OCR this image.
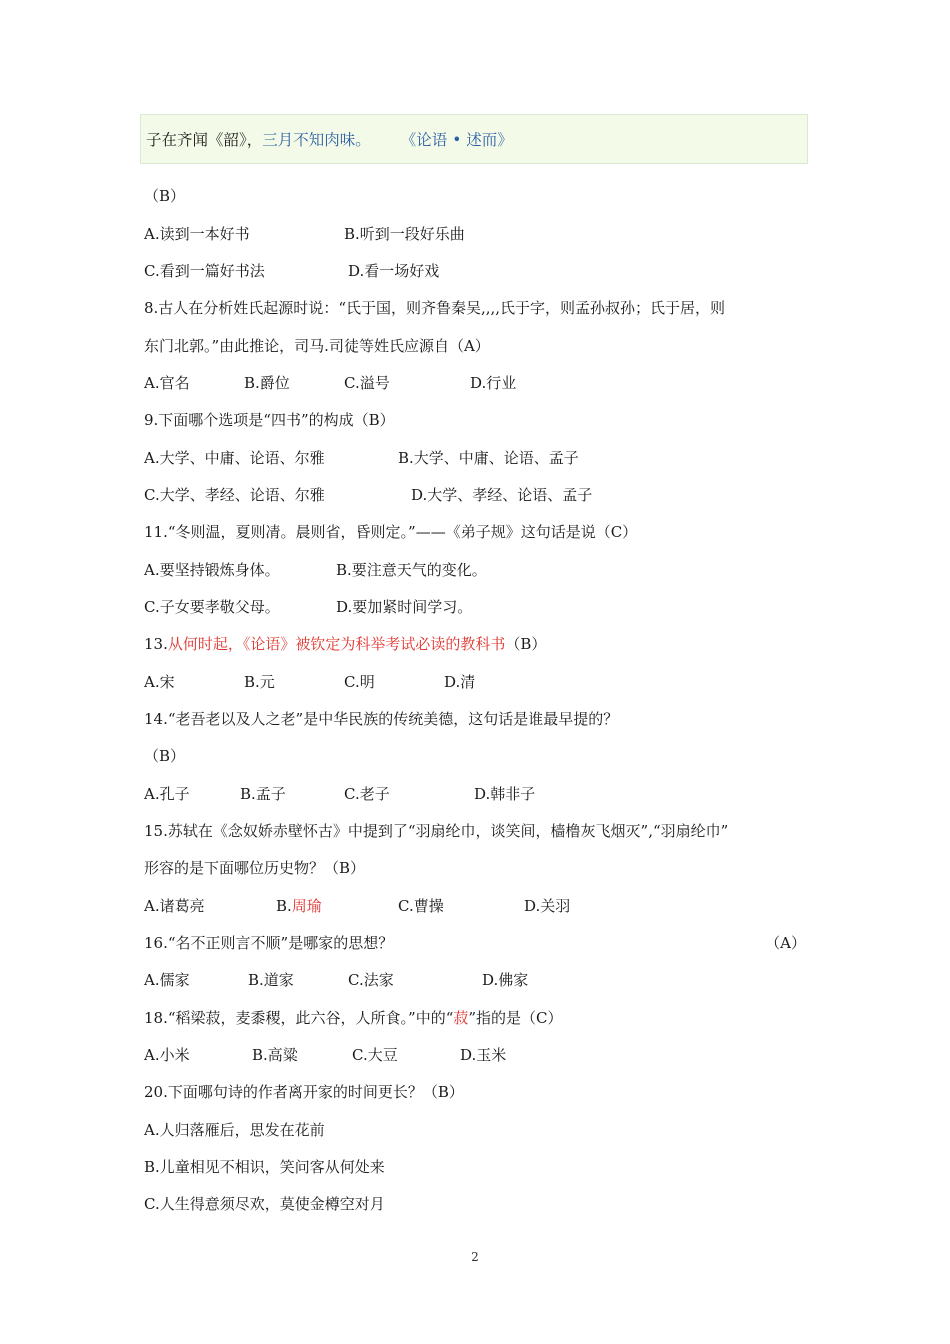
子在齐闻《韶》， 三月不知肉味。 《论语 • 述而》
（B）
A.读到一本好书	B.听到一段好乐曲
C.看到一篇好书法	D.看一场好戏
8.古人在分析姓氏起源时说：“氏于国，则齐鲁秦吴,,,,氏于字，则孟孙叔孙；氏于居，则
东门北郭。”由此推论，司马.司徒等姓氏应源自（A）
A.官名	B.爵位	C.溢号	D.行业
9.下面哪个选项是“四书”的构成（B）
A.大学、中庸、论语、尔雅	B.大学、中庸、论语、孟子
C.大学、孝经、论语、尔雅	D.大学、孝经、论语、孟子
11.“冬则温，夏则凊。晨则省，昏则定。”——《弟子规》这句话是说（C）
A.要坚持锻炼身体。	B.要注意天气的变化。
C.子女要孝敬父母。	D.要加紧时间学习。
13.从何时起，《论语》被钦定为科举考试必读的教科书（B）
A.宋	B.元	C.明	D.清
14.“老吾老以及人之老”是中华民族的传统美德，这句话是谁最早提的？
（B）
A.孔子	B.孟子	C.老子	D.韩非子
15.苏轼在《念奴娇赤壁怀古》中提到了“羽扇纶巾，谈笑间，樯橹灰飞烟灭”,“羽扇纶巾”
形容的是下面哪位历史物？（B）
A.诸葛亮	B.周瑜	C.曹操	D.关羽
16.“名不正则言不顺”是哪家的思想？	（A）
A.儒家	B.道家	C.法家	D.佛家
18.“稻梁菽，麦黍稷，此六谷，人所食。”中的“菽”指的是（C）
A.小米	B.高粱	C.大豆	D.玉米
20.下面哪句诗的作者离开家的时间更长？（B）
A.人归落雁后，思发在花前
B.儿童相见不相识，笑问客从何处来
C.人生得意须尽欢，莫使金樽空对月
2
